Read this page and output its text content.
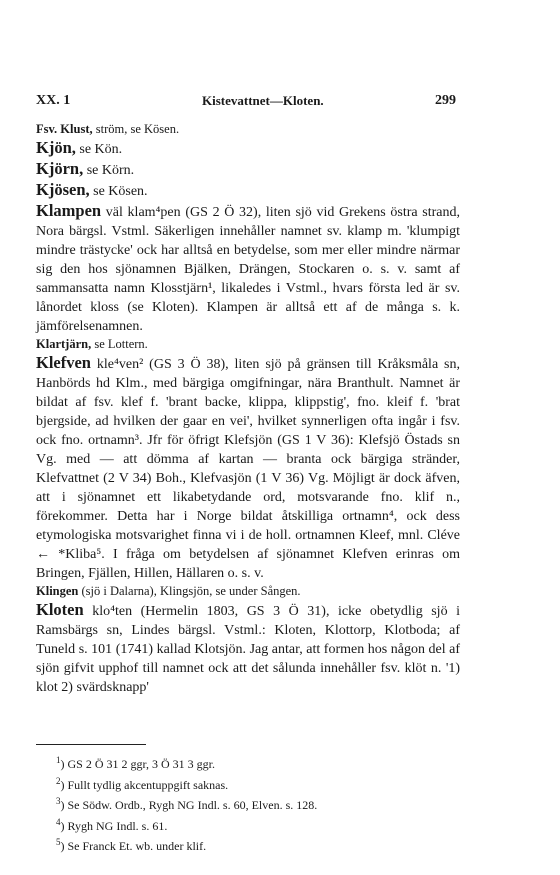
XX. 1	Kistevattnet—Kloten.	299

Fsv. Klust, ström, se Kösen.

Kjön, se Kön.

Kjörn, se Körn.

Kjösen, se Kösen.

Klampen väl klam⁴pen (GS 2 Ö 32), liten sjö vid Grekens östra strand, Nora bärgsl. Vstml. Säkerligen innehåller namnet sv. klamp m. 'klumpigt mindre trästycke' ock har alltså en betydelse, som mer eller mindre närmar sig den hos sjönamnen Bjälken, Drängen, Stockaren o. s. v. samt af sammansatta namn Klosstjärn¹, likaledes i Vstml., hvars första led är sv. lånordet kloss (se Kloten). Klampen är alltså ett af de många s. k. jämförelsenamnen.

Klartjärn, se Lottern.

Klefven kle⁴ven² (GS 3 Ö 38), liten sjö på gränsen till Kråksmåla sn, Hanbörds hd Klm., med bärgiga omgifningar, nära Branthult. Namnet är bildat af fsv. klef f. 'brant backe, klippa, klippstig', fno. kleif f. 'brat bjergside, ad hvilken der gaar en vei', hvilket synnerligen ofta ingår i fsv. ock fno. ortnamn³. Jfr för öfrigt Klefsjön (GS 1 V 36): Klefsjö Östads sn Vg. med — att dömma af kartan — branta ock bärgiga stränder, Klefvattnet (2 V 34) Boh., Klefvasjön (1 V 36) Vg. Möjligt är dock äfven, att i sjönamnet ett likabetydande ord, motsvarande fno. klif n., förekommer. Detta har i Norge bildat åtskilliga ortnamn⁴, ock dess etymologiska motsvarighet finna vi i de holl. ortnamnen Kleef, mnl. Cléve ← *Kliba⁵. I fråga om betydelsen af sjönamnet Klefven erinras om Bringen, Fjällen, Hillen, Hällaren o. s. v.

Klingen (sjö i Dalarna), Klingsjön, se under Sången.

Kloten klo⁴ten (Hermelin 1803, GS 3 Ö 31), icke obetydlig sjö i Ramsbärgs sn, Lindes bärgsl. Vstml.: Kloten, Klottorp, Klotboda; af Tuneld s. 101 (1741) kallad Klotsjön. Jag antar, att formen hos någon del af sjön gifvit upphof till namnet ock att det sålunda innehåller fsv. klöt n. '1) klot 2) svärdsknapp'

$^1$) GS 2 Ö 31 2 ggr, 3 Ö 31 3 ggr.
$^2$) Fullt tydlig akcentuppgift saknas.
$^3$) Se Södw. Ordb., Rygh NG Indl. s. 60, Elven. s. 128.
$^4$) Rygh NG Indl. s. 61.
$^5$) Se Franck Et. wb. under klif.
